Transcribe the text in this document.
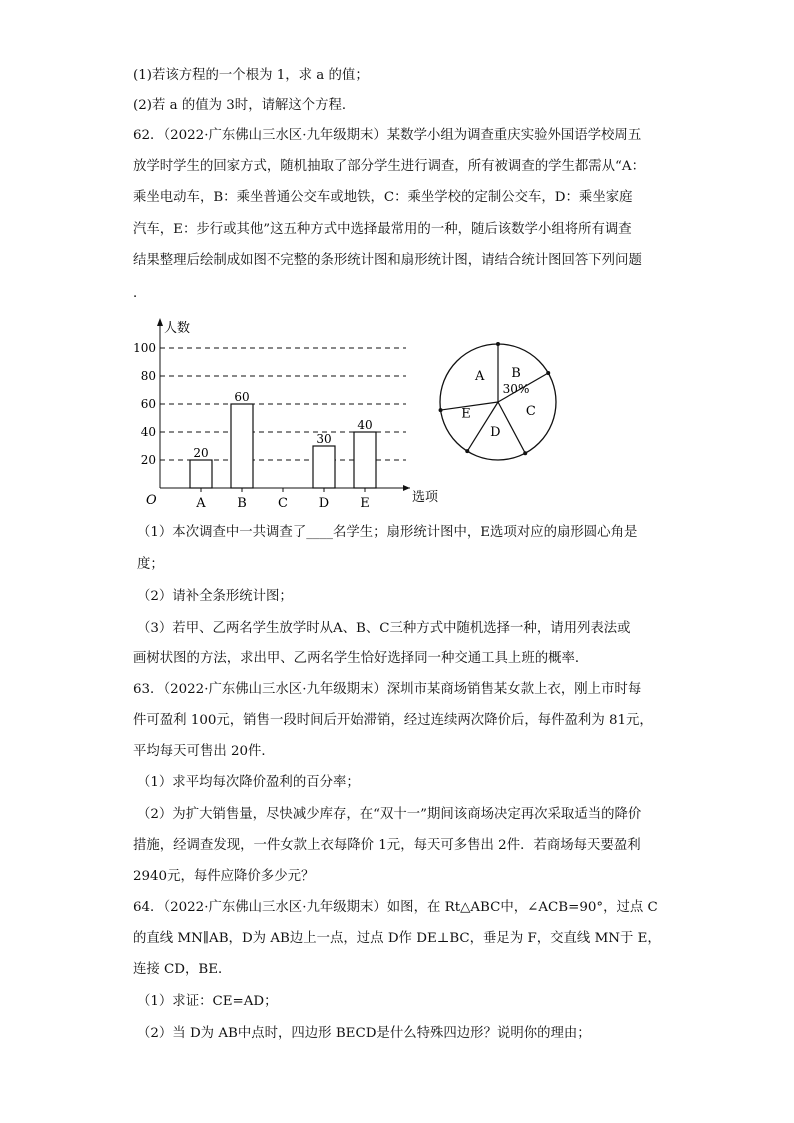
(1)若该方程的一个根为 1，求 a 的值；
(2)若 a 的值为 3时，请解这个方程．
62．（2022·广东佛山三水区·九年级期末）某数学小组为调查重庆实验外国语学校周五
放学时学生的回家方式，随机抽取了部分学生进行调查，所有被调查的学生都需从“A：
乘坐电动车，B：乘坐普通公交车或地铁，C：乘坐学校的定制公交车，D：乘坐家庭
汽车，E：步行或其他”这五种方式中选择最常用的一种，随后该数学小组将所有调查
结果整理后绘制成如图不完整的条形统计图和扇形统计图，请结合统计图回答下列问题
．
人数
选项
O
20
40
60
80
100
A
20
B
60
C D
30
E
40
A B
30%
C
D
E
（1）本次调查中一共调查了____名学生；扇形统计图中，E选项对应的扇形圆心角是
度；
（2）请补全条形统计图；
（3）若甲、乙两名学生放学时从A、B、C三种方式中随机选择一种，请用列表法或
画树状图的方法，求出甲、乙两名学生恰好选择同一种交通工具上班的概率．
63．（2022·广东佛山三水区·九年级期末）深圳市某商场销售某女款上衣，刚上市时每
件可盈利 100元，销售一段时间后开始滞销，经过连续两次降价后，每件盈利为 81元，
平均每天可售出 20件．
（1）求平均每次降价盈利的百分率；
（2）为扩大销售量，尽快减少库存，在“双十一”期间该商场决定再次采取适当的降价
措施，经调查发现，一件女款上衣每降价 1元，每天可多售出 2件．若商场每天要盈利
2940元，每件应降价多少元？
64．（2022·广东佛山三水区·九年级期末）如图，在 Rt△ABC中，∠ACB=90°，过点 C
的直线 MN∥AB，D为 AB边上一点，过点 D作 DE⊥BC，垂足为 F，交直线 MN于 E，
连接 CD，BE．
（1）求证：CE=AD；
（2）当 D为 AB中点时，四边形 BECD是什么特殊四边形？说明你的理由；
